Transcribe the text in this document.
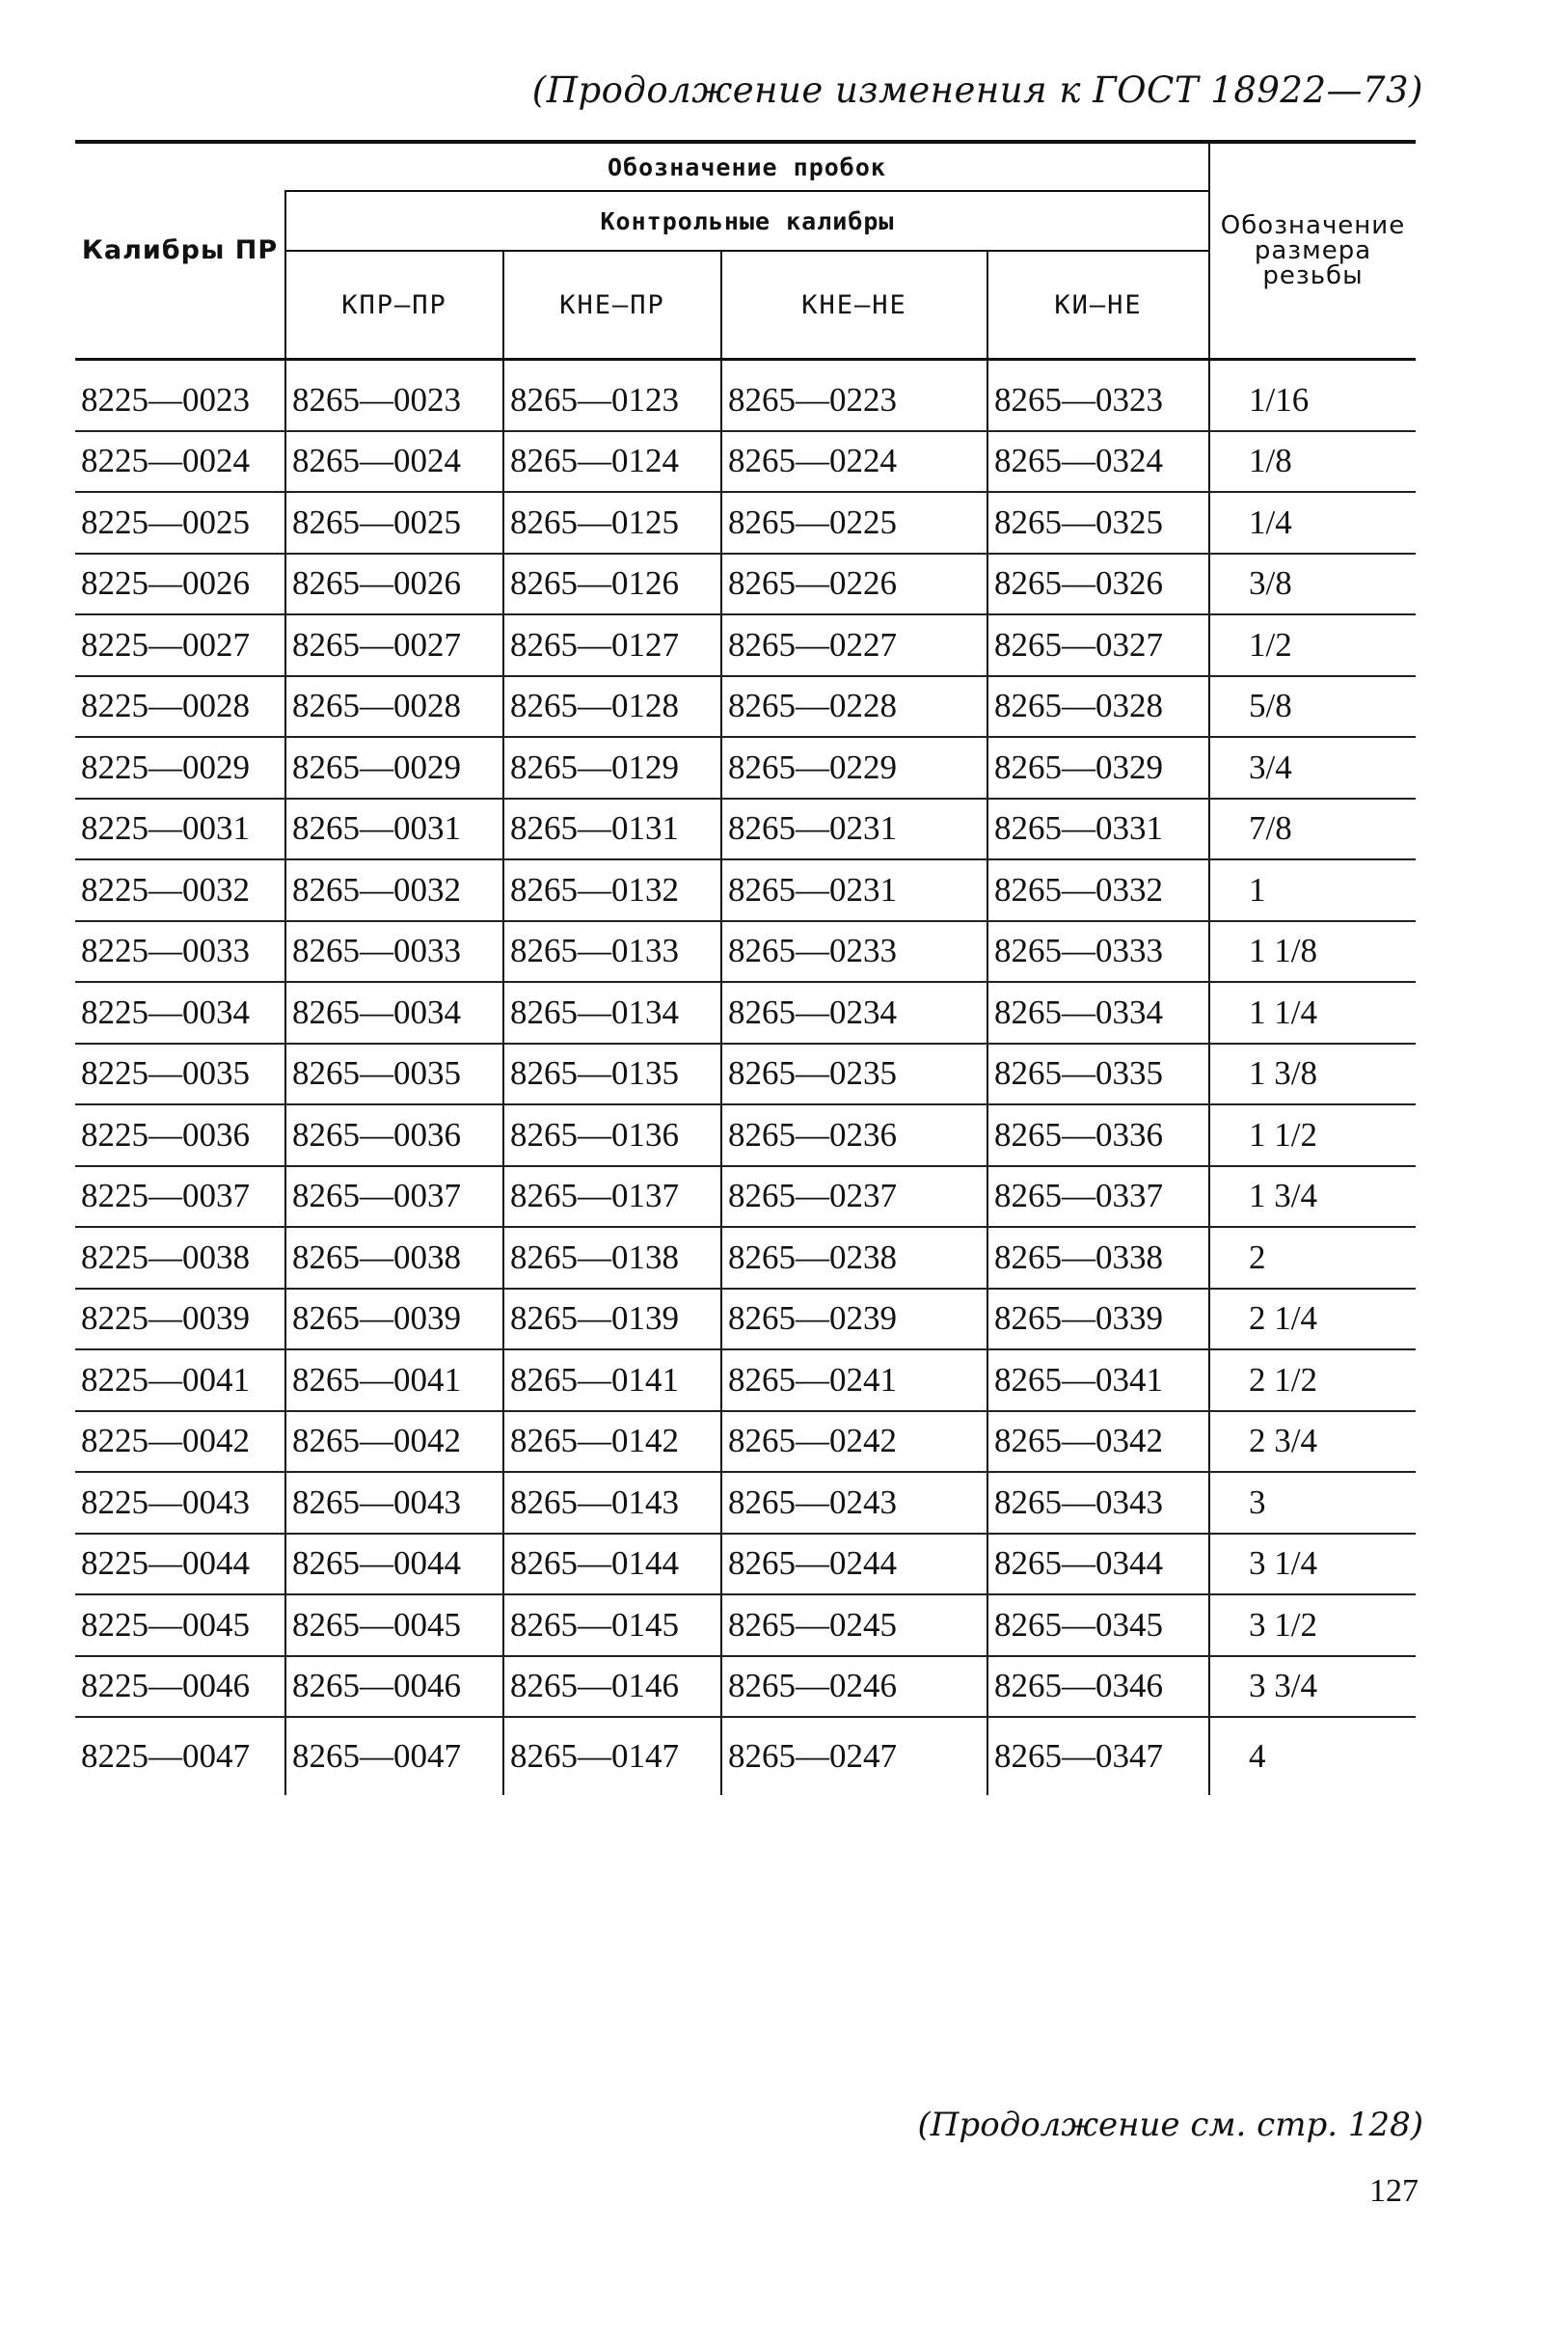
(Продолжение изменения к ГОСТ 18922—73)
Калибры ПР	Обозначение пробок				Обозначение размера резьбы
	Контрольные калибры				
	КПР—ПР	КНЕ—ПР	КНЕ—НЕ	КИ—НЕ	
8225—0023	8265—0023	8265—0123	8265—0223	8265—0323	1/16
8225—0024	8265—0024	8265—0124	8265—0224	8265—0324	1/8
8225—0025	8265—0025	8265—0125	8265—0225	8265—0325	1/4
8225—0026	8265—0026	8265—0126	8265—0226	8265—0326	3/8
8225—0027	8265—0027	8265—0127	8265—0227	8265—0327	1/2
8225—0028	8265—0028	8265—0128	8265—0228	8265—0328	5/8
8225—0029	8265—0029	8265—0129	8265—0229	8265—0329	3/4
8225—0031	8265—0031	8265—0131	8265—0231	8265—0331	7/8
8225—0032	8265—0032	8265—0132	8265—0231	8265—0332	1
8225—0033	8265—0033	8265—0133	8265—0233	8265—0333	1 1/8
8225—0034	8265—0034	8265—0134	8265—0234	8265—0334	1 1/4
8225—0035	8265—0035	8265—0135	8265—0235	8265—0335	1 3/8
8225—0036	8265—0036	8265—0136	8265—0236	8265—0336	1 1/2
8225—0037	8265—0037	8265—0137	8265—0237	8265—0337	1 3/4
8225—0038	8265—0038	8265—0138	8265—0238	8265—0338	2
8225—0039	8265—0039	8265—0139	8265—0239	8265—0339	2 1/4
8225—0041	8265—0041	8265—0141	8265—0241	8265—0341	2 1/2
8225—0042	8265—0042	8265—0142	8265—0242	8265—0342	2 3/4
8225—0043	8265—0043	8265—0143	8265—0243	8265—0343	3
8225—0044	8265—0044	8265—0144	8265—0244	8265—0344	3 1/4
8225—0045	8265—0045	8265—0145	8265—0245	8265—0345	3 1/2
8225—0046	8265—0046	8265—0146	8265—0246	8265—0346	3 3/4
8225—0047	8265—0047	8265—0147	8265—0247	8265—0347	4
(Продолжение см. стр. 128)
127
